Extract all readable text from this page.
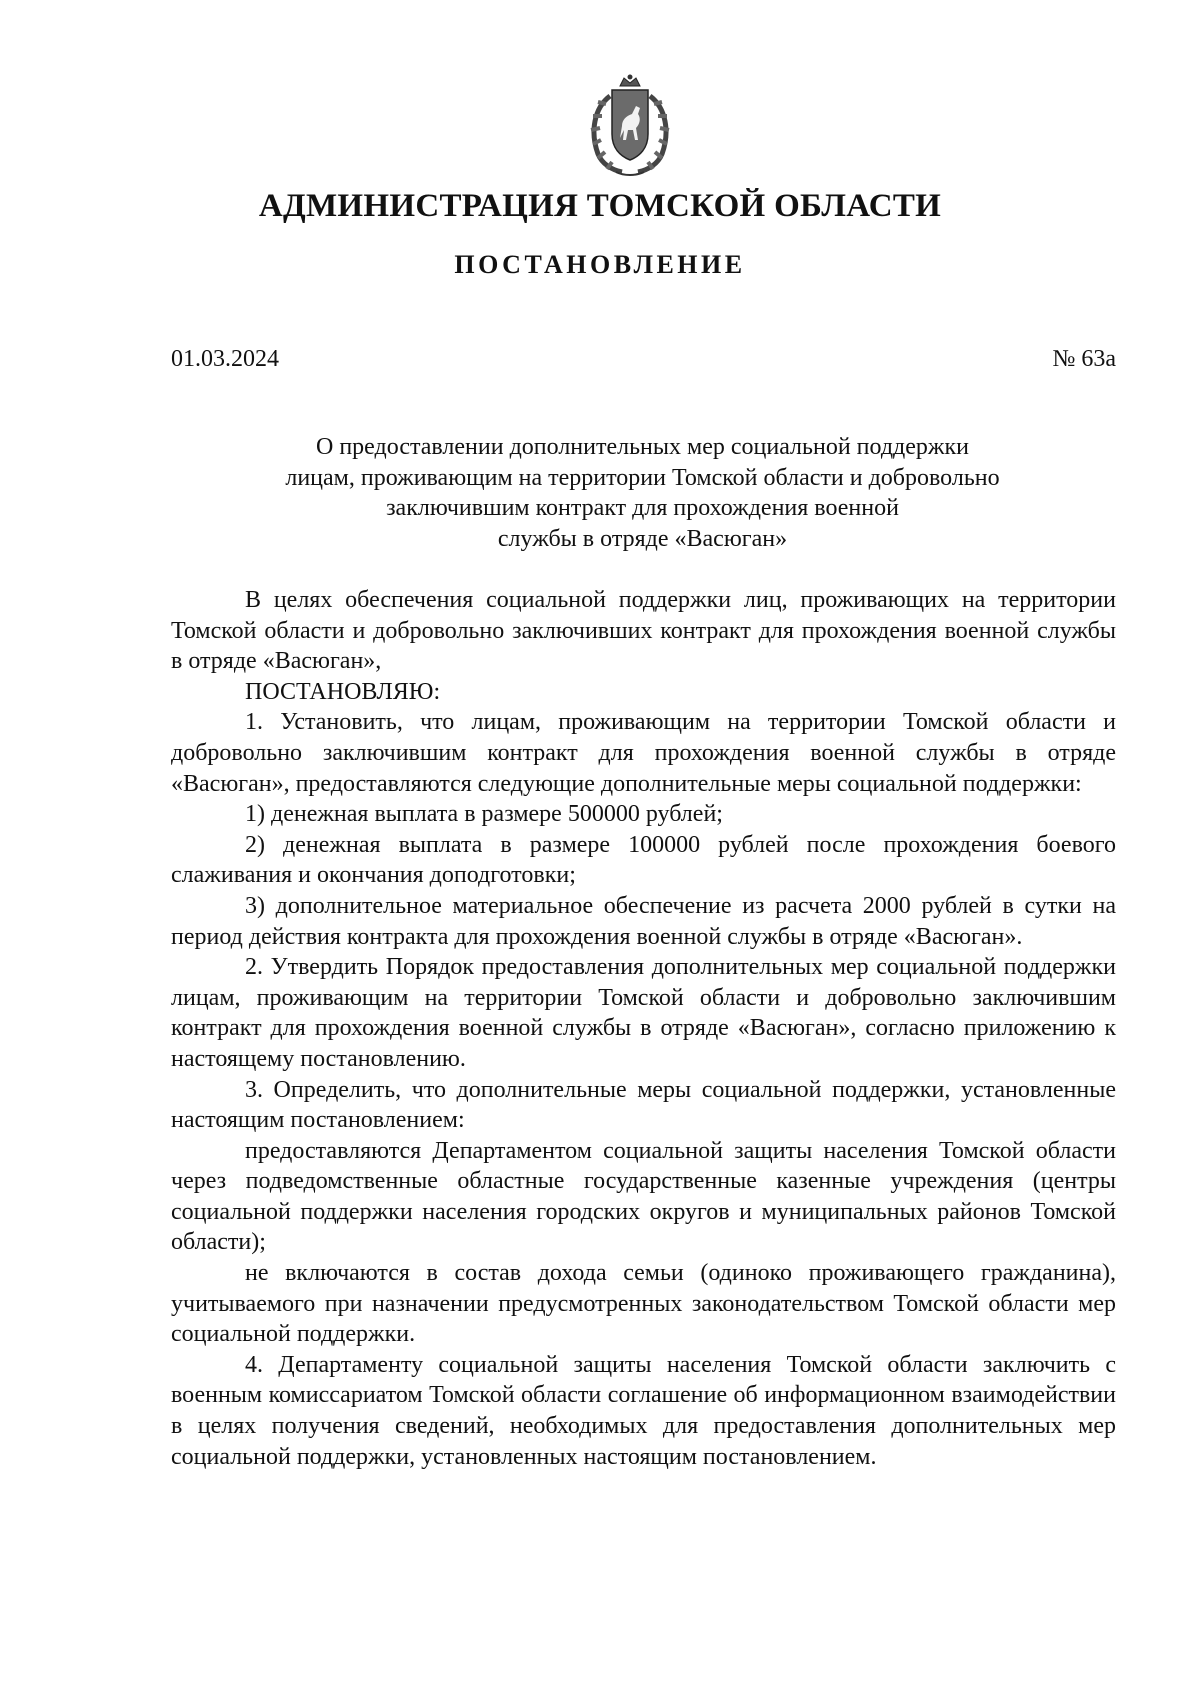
АДМИНИСТРАЦИЯ ТОМСКОЙ ОБЛАСТИ
ПОСТАНОВЛЕНИЕ
01.03.2024	№ 63а
О предоставлении дополнительных мер социальной поддержки
лицам, проживающим на территории Томской области и добровольно
заключившим контракт для прохождения военной
службы в отряде «Васюган»

В целях обеспечения социальной поддержки лиц, проживающих на территории Томской области и добровольно заключивших контракт для прохождения военной службы в отряде «Васюган»,

ПОСТАНОВЛЯЮ:

1. Установить, что лицам, проживающим на территории Томской области и добровольно заключившим контракт для прохождения военной службы в отряде «Васюган», предоставляются следующие дополнительные меры социальной поддержки:

1) денежная выплата в размере 500000 рублей;

2) денежная выплата в размере 100000 рублей после прохождения боевого слаживания и окончания доподготовки;

3) дополнительное материальное обеспечение из расчета 2000 рублей в сутки на период действия контракта для прохождения военной службы в отряде «Васюган».

2. Утвердить Порядок предоставления дополнительных мер социальной поддержки лицам, проживающим на территории Томской области и добровольно заключившим контракт для прохождения военной службы в отряде «Васюган», согласно приложению к настоящему постановлению.

3. Определить, что дополнительные меры социальной поддержки, установленные настоящим постановлением:

предоставляются Департаментом социальной защиты населения Томской области через подведомственные областные государственные казенные учреждения (центры социальной поддержки населения городских округов и муниципальных районов Томской области);

не включаются в состав дохода семьи (одиноко проживающего гражданина), учитываемого при назначении предусмотренных законодательством Томской области мер социальной поддержки.

4. Департаменту социальной защиты населения Томской области заключить с военным комиссариатом Томской области соглашение об информационном взаимодействии в целях получения сведений, необходимых для предоставления дополнительных мер социальной поддержки, установленных настоящим постановлением.
